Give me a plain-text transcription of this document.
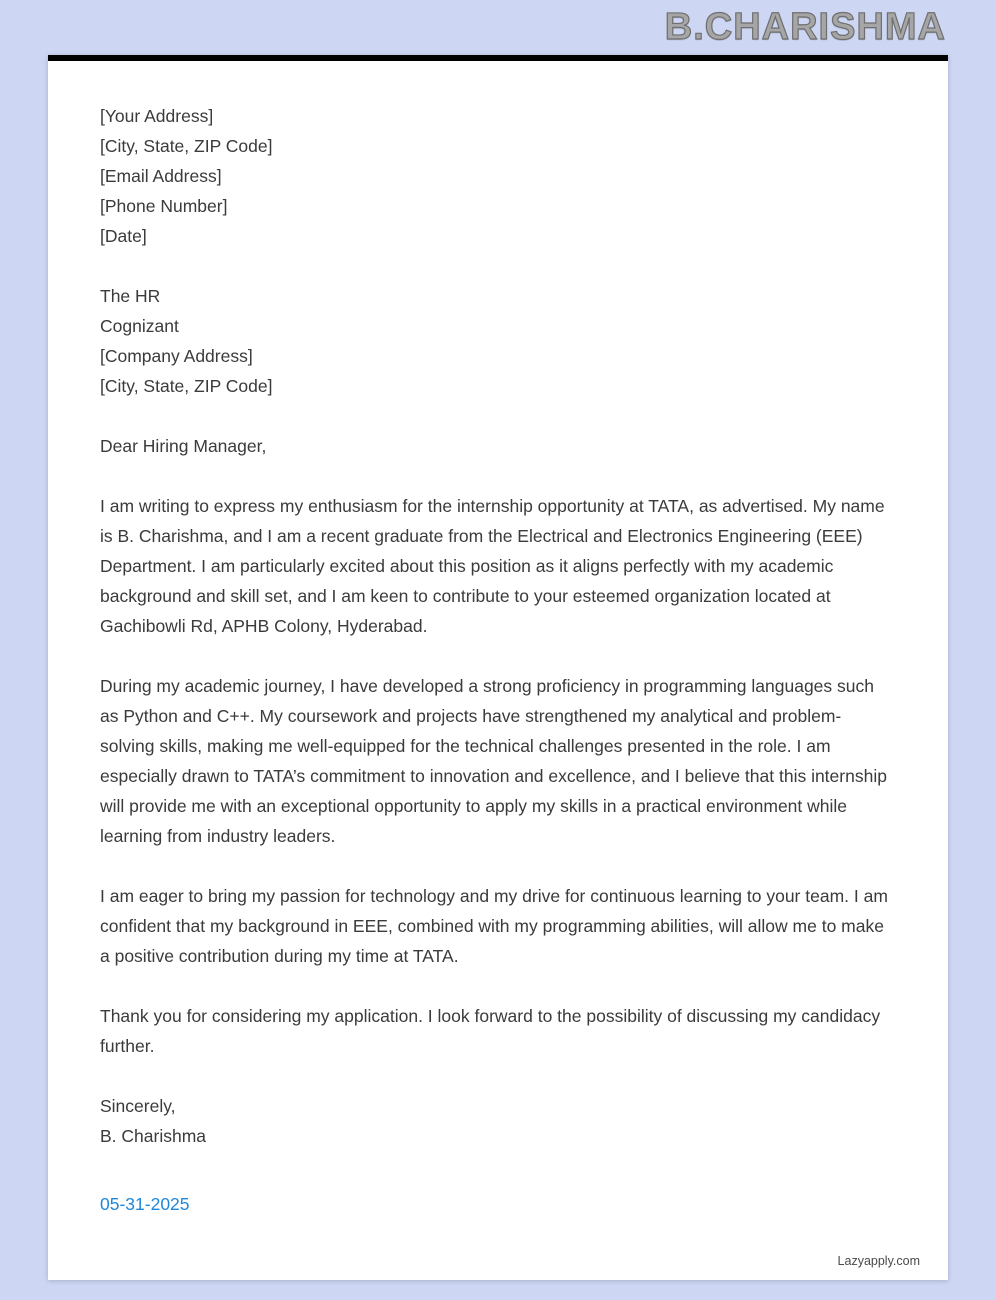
B.CHARISHMA
[Your Address]
[City, State, ZIP Code]
[Email Address]
[Phone Number]
[Date]
The HR
Cognizant
[Company Address]
[City, State, ZIP Code]
Dear Hiring Manager,
I am writing to express my enthusiasm for the internship opportunity at TATA, as advertised. My name is B. Charishma, and I am a recent graduate from the Electrical and Electronics Engineering (EEE) Department. I am particularly excited about this position as it aligns perfectly with my academic background and skill set, and I am keen to contribute to your esteemed organization located at Gachibowli Rd, APHB Colony, Hyderabad.
During my academic journey, I have developed a strong proficiency in programming languages such as Python and C++. My coursework and projects have strengthened my analytical and problem-solving skills, making me well-equipped for the technical challenges presented in the role. I am especially drawn to TATA’s commitment to innovation and excellence, and I believe that this internship will provide me with an exceptional opportunity to apply my skills in a practical environment while learning from industry leaders.
I am eager to bring my passion for technology and my drive for continuous learning to your team. I am confident that my background in EEE, combined with my programming abilities, will allow me to make a positive contribution during my time at TATA.
Thank you for considering my application. I look forward to the possibility of discussing my candidacy further.
Sincerely,
B. Charishma
05-31-2025
Lazyapply.com
